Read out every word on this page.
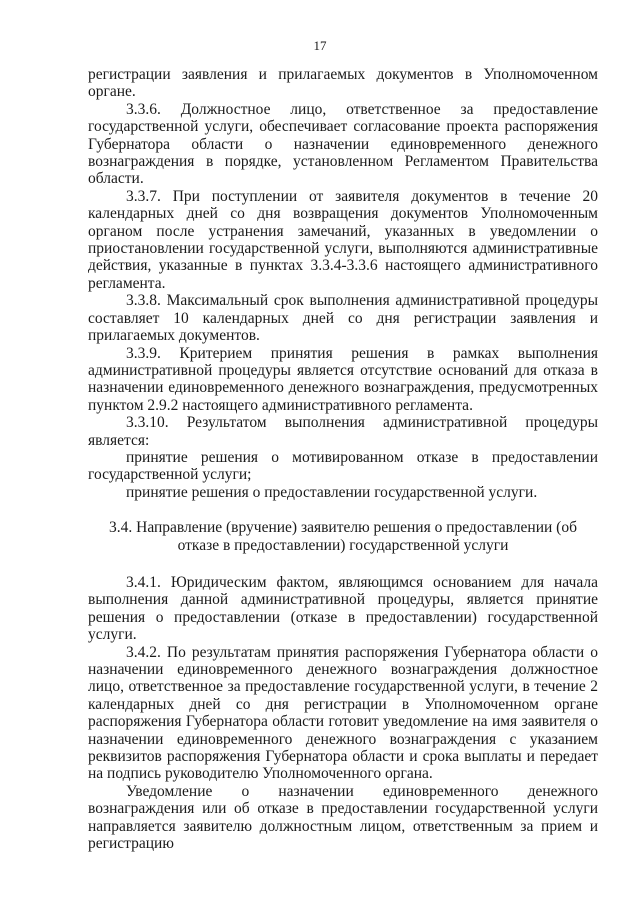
17

регистрации заявления и прилагаемых документов в Уполномоченном органе.

3.3.6. Должностное лицо, ответственное за предоставление государственной услуги, обеспечивает согласование проекта распоряжения Губернатора области о назначении единовременного денежного вознаграждения в порядке, установленном Регламентом Правительства области.

3.3.7. При поступлении от заявителя документов в течение 20 календарных дней со дня возвращения документов Уполномоченным органом после устранения замечаний, указанных в уведомлении о приостановлении государственной услуги, выполняются административные действия, указанные в пунктах 3.3.4-3.3.6 настоящего административного регламента.

3.3.8. Максимальный срок выполнения административной процедуры составляет 10 календарных дней со дня регистрации заявления и прилагаемых документов.

3.3.9. Критерием принятия решения в рамках выполнения административной процедуры является отсутствие оснований для отказа в назначении единовременного денежного вознаграждения, предусмотренных пунктом 2.9.2 настоящего административного регламента.

3.3.10. Результатом выполнения административной процедуры является:

принятие решения о мотивированном отказе в предоставлении государственной услуги;

принятие решения о предоставлении государственной услуги.

3.4. Направление (вручение) заявителю решения о предоставлении (об отказе в предоставлении) государственной услуги

3.4.1. Юридическим фактом, являющимся основанием для начала выполнения данной административной процедуры, является принятие решения о предоставлении (отказе в предоставлении) государственной услуги.

3.4.2. По результатам принятия распоряжения Губернатора области о назначении единовременного денежного вознаграждения должностное лицо, ответственное за предоставление государственной услуги, в течение 2 календарных дней со дня регистрации в Уполномоченном органе распоряжения Губернатора области готовит уведомление на имя заявителя о назначении единовременного денежного вознаграждения с указанием реквизитов распоряжения Губернатора области и срока выплаты и передает на подпись руководителю Уполномоченного органа.

Уведомление о назначении единовременного денежного вознаграждения или об отказе в предоставлении государственной услуги направляется заявителю должностным лицом, ответственным за прием и регистрацию
